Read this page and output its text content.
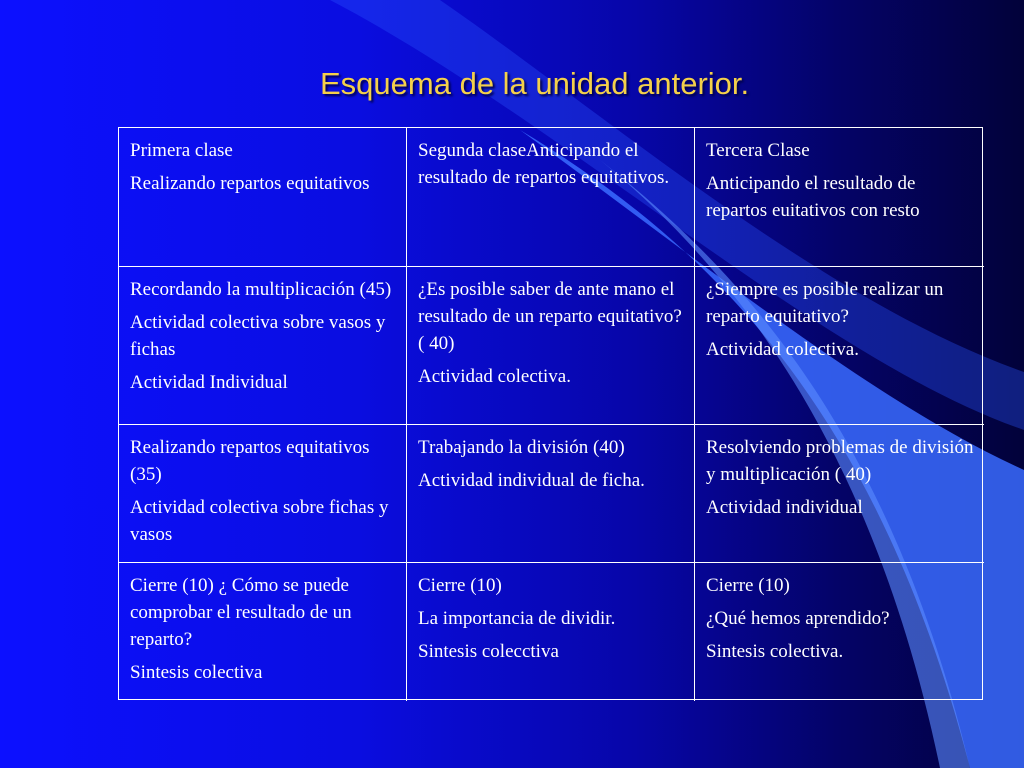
Esquema de la unidad anterior.

Primera clase

Realizando repartos equitativos

Segunda claseAnticipando el resultado de repartos equitativos.

Tercera Clase

Anticipando el resultado de repartos euitativos con resto

Recordando la multiplicación (45)

Actividad colectiva sobre vasos y fichas

Actividad Individual

¿Es posible saber de ante mano el resultado de un reparto equitativo? ( 40)

Actividad colectiva.

¿Siempre es posible realizar un reparto equitativo?

Actividad colectiva.

Realizando repartos equitativos (35)

Actividad colectiva sobre fichas y vasos

Trabajando la división (40)

Actividad individual de ficha.

Resolviendo problemas de división y multiplicación ( 40)

Actividad individual

Cierre (10) ¿ Cómo se puede comprobar el resultado de un reparto?

Sintesis colectiva

Cierre (10)

La importancia de dividir.

Sintesis colecctiva

Cierre (10)

¿Qué hemos aprendido?

Sintesis colectiva.
